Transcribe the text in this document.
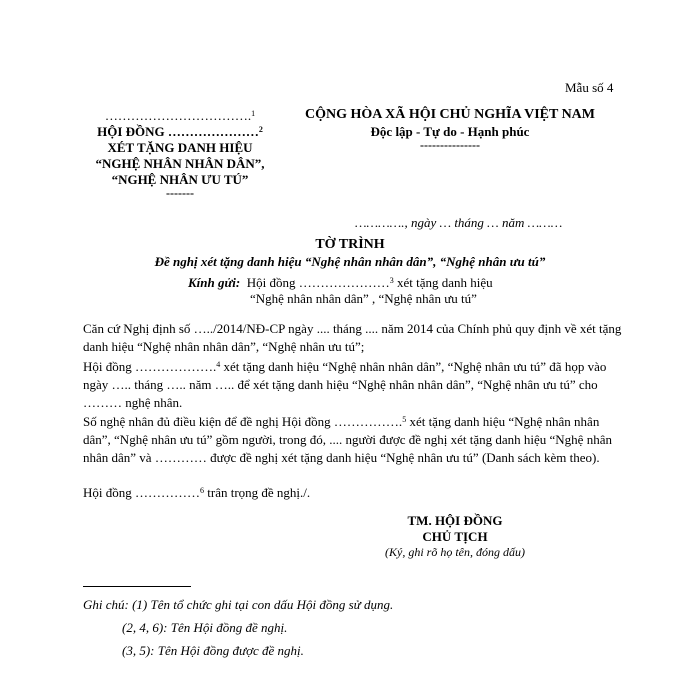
Mẫu số 4
…………………………….$^1$
HỘI ĐỒNG …………………$^2$
XÉT TẶNG DANH HIỆU
“NGHỆ NHÂN NHÂN DÂN”,
“NGHỆ NHÂN ƯU TÚ”
-------
CỘNG HÒA XÃ HỘI CHỦ NGHĨA VIỆT NAM
Độc lập - Tự do - Hạnh phúc
---------------
…………., ngày … tháng … năm ………
TỜ TRÌNH
Đề nghị xét tặng danh hiệu “Nghệ nhân nhân dân”, “Nghệ nhân ưu tú”
Kính gửi: Hội đồng …………………$^3$ xét tặng danh hiệu
“Nghệ nhân nhân dân” , “Nghệ nhân ưu tú”
Căn cứ Nghị định số …../2014/NĐ-CP ngày .... tháng .... năm 2014 của Chính phủ quy định về xét tặng danh hiệu “Nghệ nhân nhân dân”, “Nghệ nhân ưu tú”;
Hội đồng ……………….$^4$ xét tặng danh hiệu “Nghệ nhân nhân dân”, “Nghệ nhân ưu tú” đã họp vào ngày ….. tháng ….. năm ….. để xét tặng danh hiệu “Nghệ nhân nhân dân”, “Nghệ nhân ưu tú” cho ……… nghệ nhân.
Số nghệ nhân đủ điều kiện để đề nghị Hội đồng …………….$^5$ xét tặng danh hiệu “Nghệ nhân nhân dân”, “Nghệ nhân ưu tú” gồm người, trong đó, .... người được đề nghị xét tặng danh hiệu “Nghệ nhân nhân dân” và ………… được đề nghị xét tặng danh hiệu “Nghệ nhân ưu tú” (Danh sách kèm theo).
Hội đồng ……………$^6$ trân trọng đề nghị./.
TM. HỘI ĐỒNG
CHỦ TỊCH
(Ký, ghi rõ họ tên, đóng dấu)
Ghi chú: (1) Tên tổ chức ghi tại con dấu Hội đồng sử dụng.
(2, 4, 6): Tên Hội đồng đề nghị.
(3, 5): Tên Hội đồng được đề nghị.
